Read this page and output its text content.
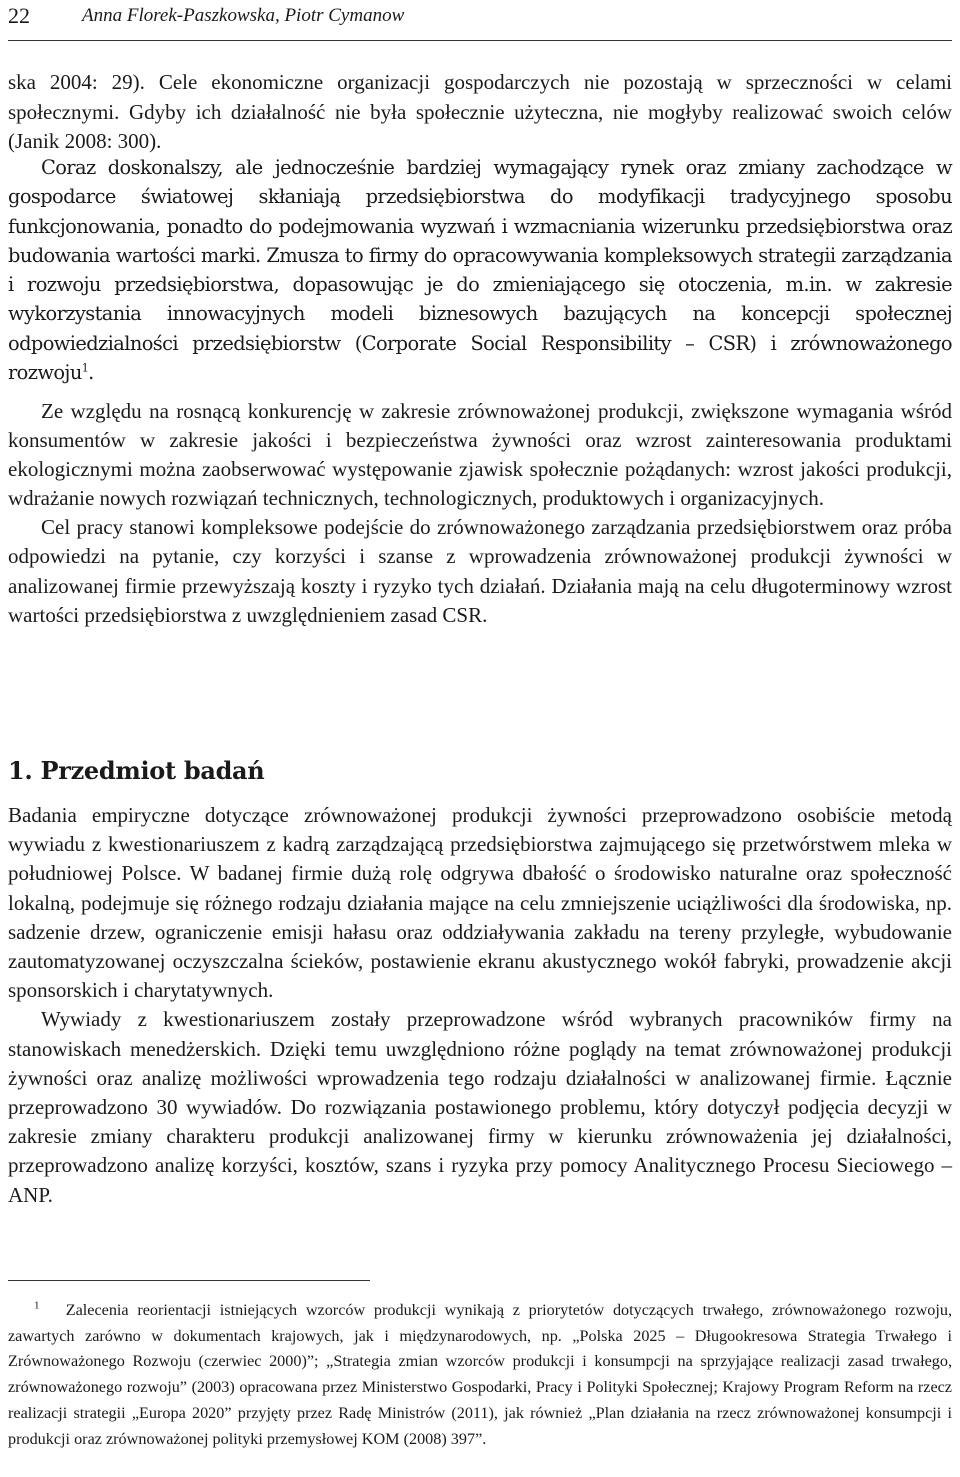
22	Anna Florek-Paszkowska, Piotr Cymanow

ska 2004: 29). Cele ekonomiczne organizacji gospodarczych nie pozostają w sprzeczności w celami społecznymi. Gdyby ich działalność nie była społecznie użyteczna, nie mogłyby realizować swoich celów (Janik 2008: 300).

Coraz doskonalszy, ale jednocześnie bardziej wymagający rynek oraz zmiany zachodzące w gospodarce światowej skłaniają przedsiębiorstwa do modyfikacji tradycyjnego sposobu funkcjonowania, ponadto do podejmowania wyzwań i wzmacniania wizerunku przedsiębiorstwa oraz budowania wartości marki. Zmusza to firmy do opracowywania kompleksowych strategii zarządzania i rozwoju przedsiębiorstwa, dopasowując je do zmieniającego się otoczenia, m.in. w zakresie wykorzystania innowacyjnych modeli biznesowych bazujących na koncepcji społecznej odpowiedzialności przedsiębiorstw (Corporate Social Responsibility – CSR) i zrównoważonego rozwoju$^1$.

Ze względu na rosnącą konkurencję w zakresie zrównoważonej produkcji, zwiększone wymagania wśród konsumentów w zakresie jakości i bezpieczeństwa żywności oraz wzrost zainteresowania produktami ekologicznymi można zaobserwować występowanie zjawisk społecznie pożądanych: wzrost jakości produkcji, wdrażanie nowych rozwiązań technicznych, technologicznych, produktowych i organizacyjnych.

Cel pracy stanowi kompleksowe podejście do zrównoważonego zarządzania przedsiębiorstwem oraz próba odpowiedzi na pytanie, czy korzyści i szanse z wprowadzenia zrównoważonej produkcji żywności w analizowanej firmie przewyższają koszty i ryzyko tych działań. Działania mają na celu długoterminowy wzrost wartości przedsiębiorstwa z uwzględnieniem zasad CSR.

1. Przedmiot badań

Badania empiryczne dotyczące zrównoważonej produkcji żywności przeprowadzono osobiście metodą wywiadu z kwestionariuszem z kadrą zarządzającą przedsiębiorstwa zajmującego się przetwórstwem mleka w południowej Polsce. W badanej firmie dużą rolę odgrywa dbałość o środowisko naturalne oraz społeczność lokalną, podejmuje się różnego rodzaju działania mające na celu zmniejszenie uciążliwości dla środowiska, np. sadzenie drzew, ograniczenie emisji hałasu oraz oddziaływania zakładu na tereny przyległe, wybudowanie zautomatyzowanej oczyszczalna ścieków, postawienie ekranu akustycznego wokół fabryki, prowadzenie akcji sponsorskich i charytatywnych.

Wywiady z kwestionariuszem zostały przeprowadzone wśród wybranych pracowników firmy na stanowiskach menedżerskich. Dzięki temu uwzględniono różne poglądy na temat zrównoważonej produkcji żywności oraz analizę możliwości wprowadzenia tego rodzaju działalności w analizowanej firmie. Łącznie przeprowadzono 30 wywiadów. Do rozwiązania postawionego problemu, który dotyczył podjęcia decyzji w zakresie zmiany charakteru produkcji analizowanej firmy w kierunku zrównoważenia jej działalności, przeprowadzono analizę korzyści, kosztów, szans i ryzyka przy pomocy Analitycznego Procesu Sieciowego – ANP.

$^1$ Zalecenia reorientacji istniejących wzorców produkcji wynikają z priorytetów dotyczących trwałego, zrównoważonego rozwoju, zawartych zarówno w dokumentach krajowych, jak i międzynarodowych, np. „Polska 2025 – Długookresowa Strategia Trwałego i Zrównoważonego Rozwoju (czerwiec 2000)”; „Strategia zmian wzorców produkcji i konsumpcji na sprzyjające realizacji zasad trwałego, zrównoważonego rozwoju” (2003) opracowana przez Ministerstwo Gospodarki, Pracy i Polityki Społecznej; Krajowy Program Reform na rzecz realizacji strategii „Europa 2020” przyjęty przez Radę Ministrów (2011), jak również „Plan działania na rzecz zrównoważonej konsumpcji i produkcji oraz zrównoważonej polityki przemysłowej KOM (2008) 397”.
